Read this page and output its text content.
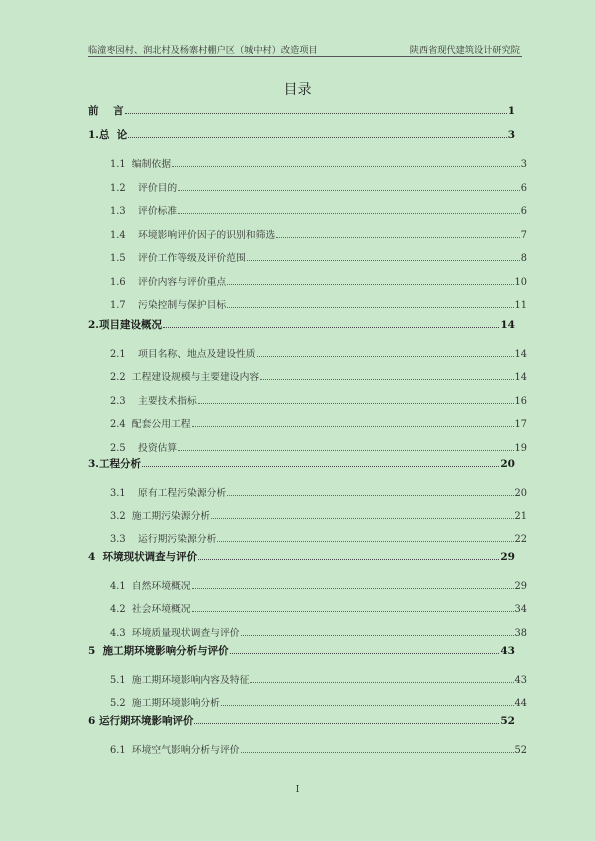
临潼枣园村、润北村及杨寨村棚户区（城中村）改造项目	陕西省现代建筑设计研究院
目录
前    言	1
1.总  论	3
1.1  编制依据	3
1.2    评价目的	6
1.3    评价标准	6
1.4    环境影响评价因子的识别和筛选	7
1.5    评价工作等级及评价范围	8
1.6    评价内容与评价重点	10
1.7    污染控制与保护目标	11
2.项目建设概况	14
2.1    项目名称、地点及建设性质	14
2.2  工程建设规模与主要建设内容	14
2.3    主要技术指标	16
2.4  配套公用工程	17
2.5    投资估算	19
3.工程分析	20
3.1    原有工程污染源分析	20
3.2  施工期污染源分析	21
3.3    运行期污染源分析	22
4  环境现状调查与评价	29
4.1  自然环境概况	29
4.2  社会环境概况	34
4.3  环境质量现状调查与评价	38
5  施工期环境影响分析与评价	43
5.1  施工期环境影响内容及特征	43
5.2  施工期环境影响分析	44
6 运行期环境影响评价	52
6.1  环境空气影响分析与评价	52
I
